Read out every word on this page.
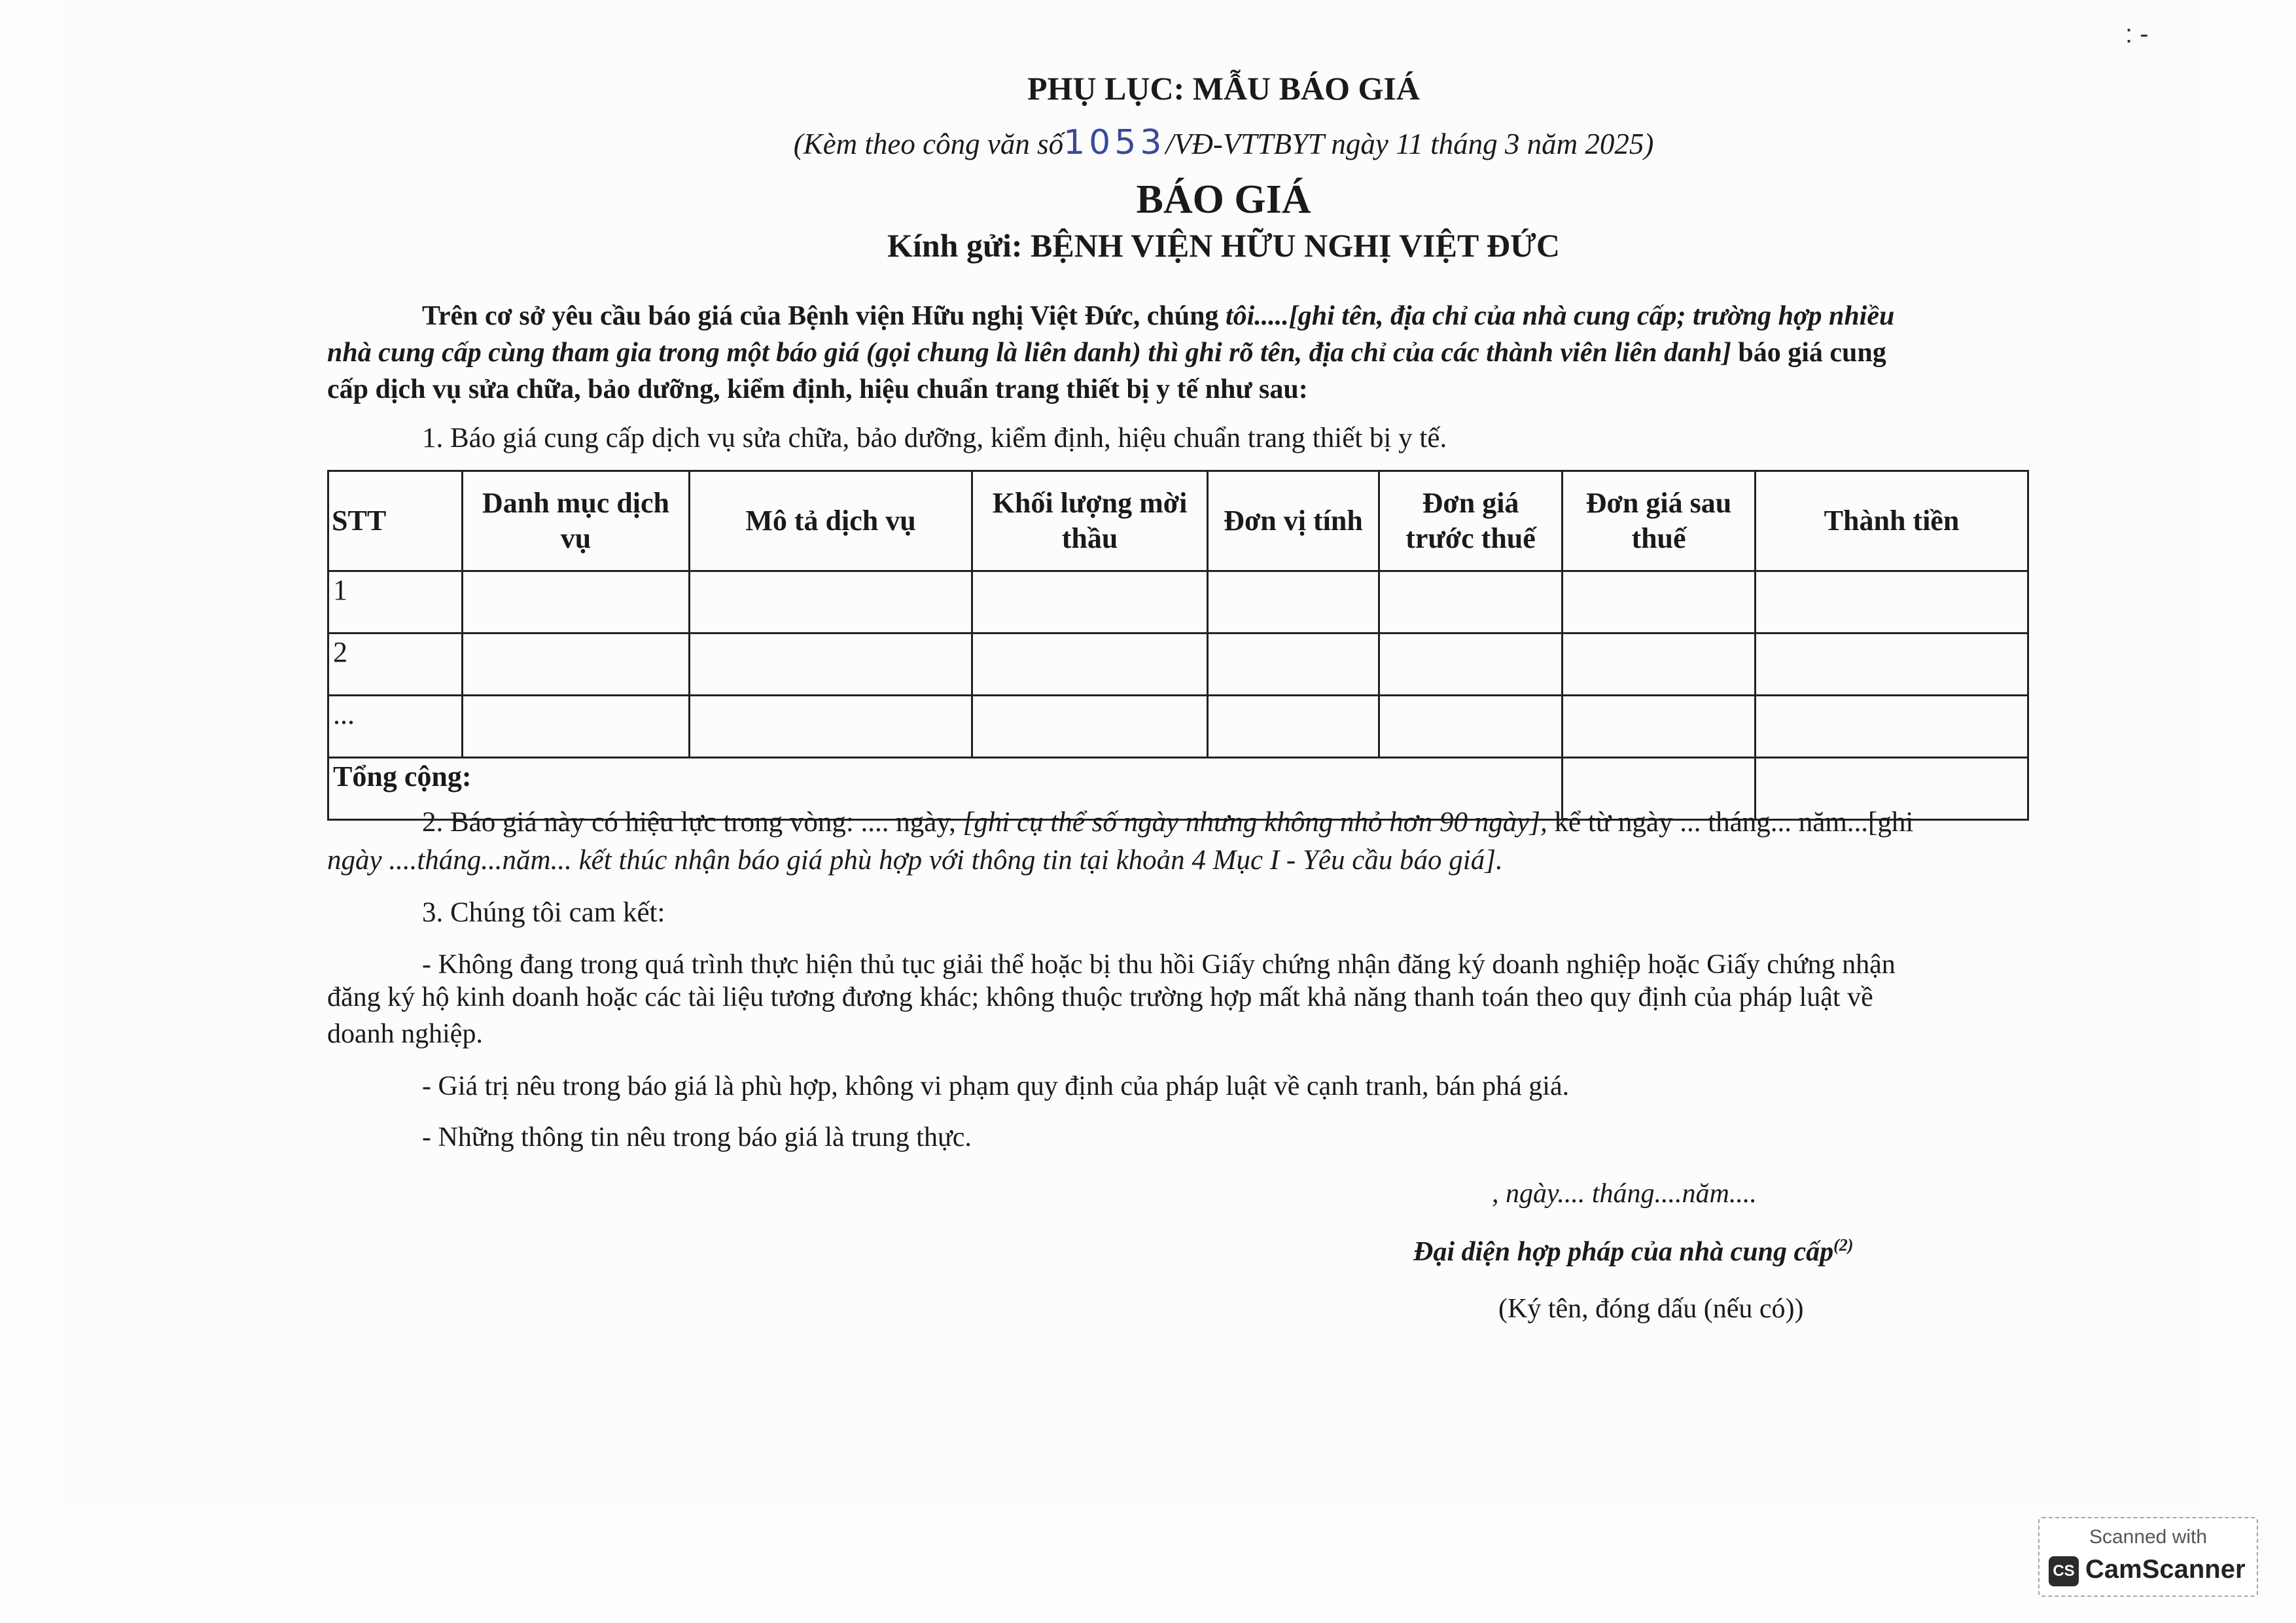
: -
PHỤ LỤC: MẪU BÁO GIÁ
(Kèm theo công văn số1053/VĐ-VTTBYT ngày 11 tháng 3 năm 2025)
BÁO GIÁ
Kính gửi: BỆNH VIỆN HỮU NGHỊ VIỆT ĐỨC
Trên cơ sở yêu cầu báo giá của Bệnh viện Hữu nghị Việt Đức, chúng tôi.....[ghi tên, địa chỉ của nhà cung cấp; trường hợp nhiều
nhà cung cấp cùng tham gia trong một báo giá (gọi chung là liên danh) thì ghi rõ tên, địa chỉ của các thành viên liên danh] báo giá cung
cấp dịch vụ sửa chữa, bảo dưỡng, kiểm định, hiệu chuẩn trang thiết bị y tế như sau:
1. Báo giá cung cấp dịch vụ sửa chữa, bảo dưỡng, kiểm định, hiệu chuẩn trang thiết bị y tế.
STT	Danh mục dịch vụ	Mô tả dịch vụ	Khối lượng mời thầu	Đơn vị tính	Đơn giá trước thuế	Đơn giá sau thuế	Thành tiền
1							
2							
...							
Tổng cộng:							
2. Báo giá này có hiệu lực trong vòng: .... ngày, [ghi cụ thể số ngày nhưng không nhỏ hơn 90 ngày], kể từ ngày ... tháng... năm...[ghi
ngày ....tháng...năm... kết thúc nhận báo giá phù hợp với thông tin tại khoản 4 Mục I - Yêu cầu báo giá].
3. Chúng tôi cam kết:
- Không đang trong quá trình thực hiện thủ tục giải thể hoặc bị thu hồi Giấy chứng nhận đăng ký doanh nghiệp hoặc Giấy chứng nhận
đăng ký hộ kinh doanh hoặc các tài liệu tương đương khác; không thuộc trường hợp mất khả năng thanh toán theo quy định của pháp luật về
doanh nghiệp.
- Giá trị nêu trong báo giá là phù hợp, không vi phạm quy định của pháp luật về cạnh tranh, bán phá giá.
- Những thông tin nêu trong báo giá là trung thực.
, ngày.... tháng....năm....
Đại diện hợp pháp của nhà cung cấp$^{(2)}$
(Ký tên, đóng dấu (nếu có))
Scanned with
CS CamScanner
